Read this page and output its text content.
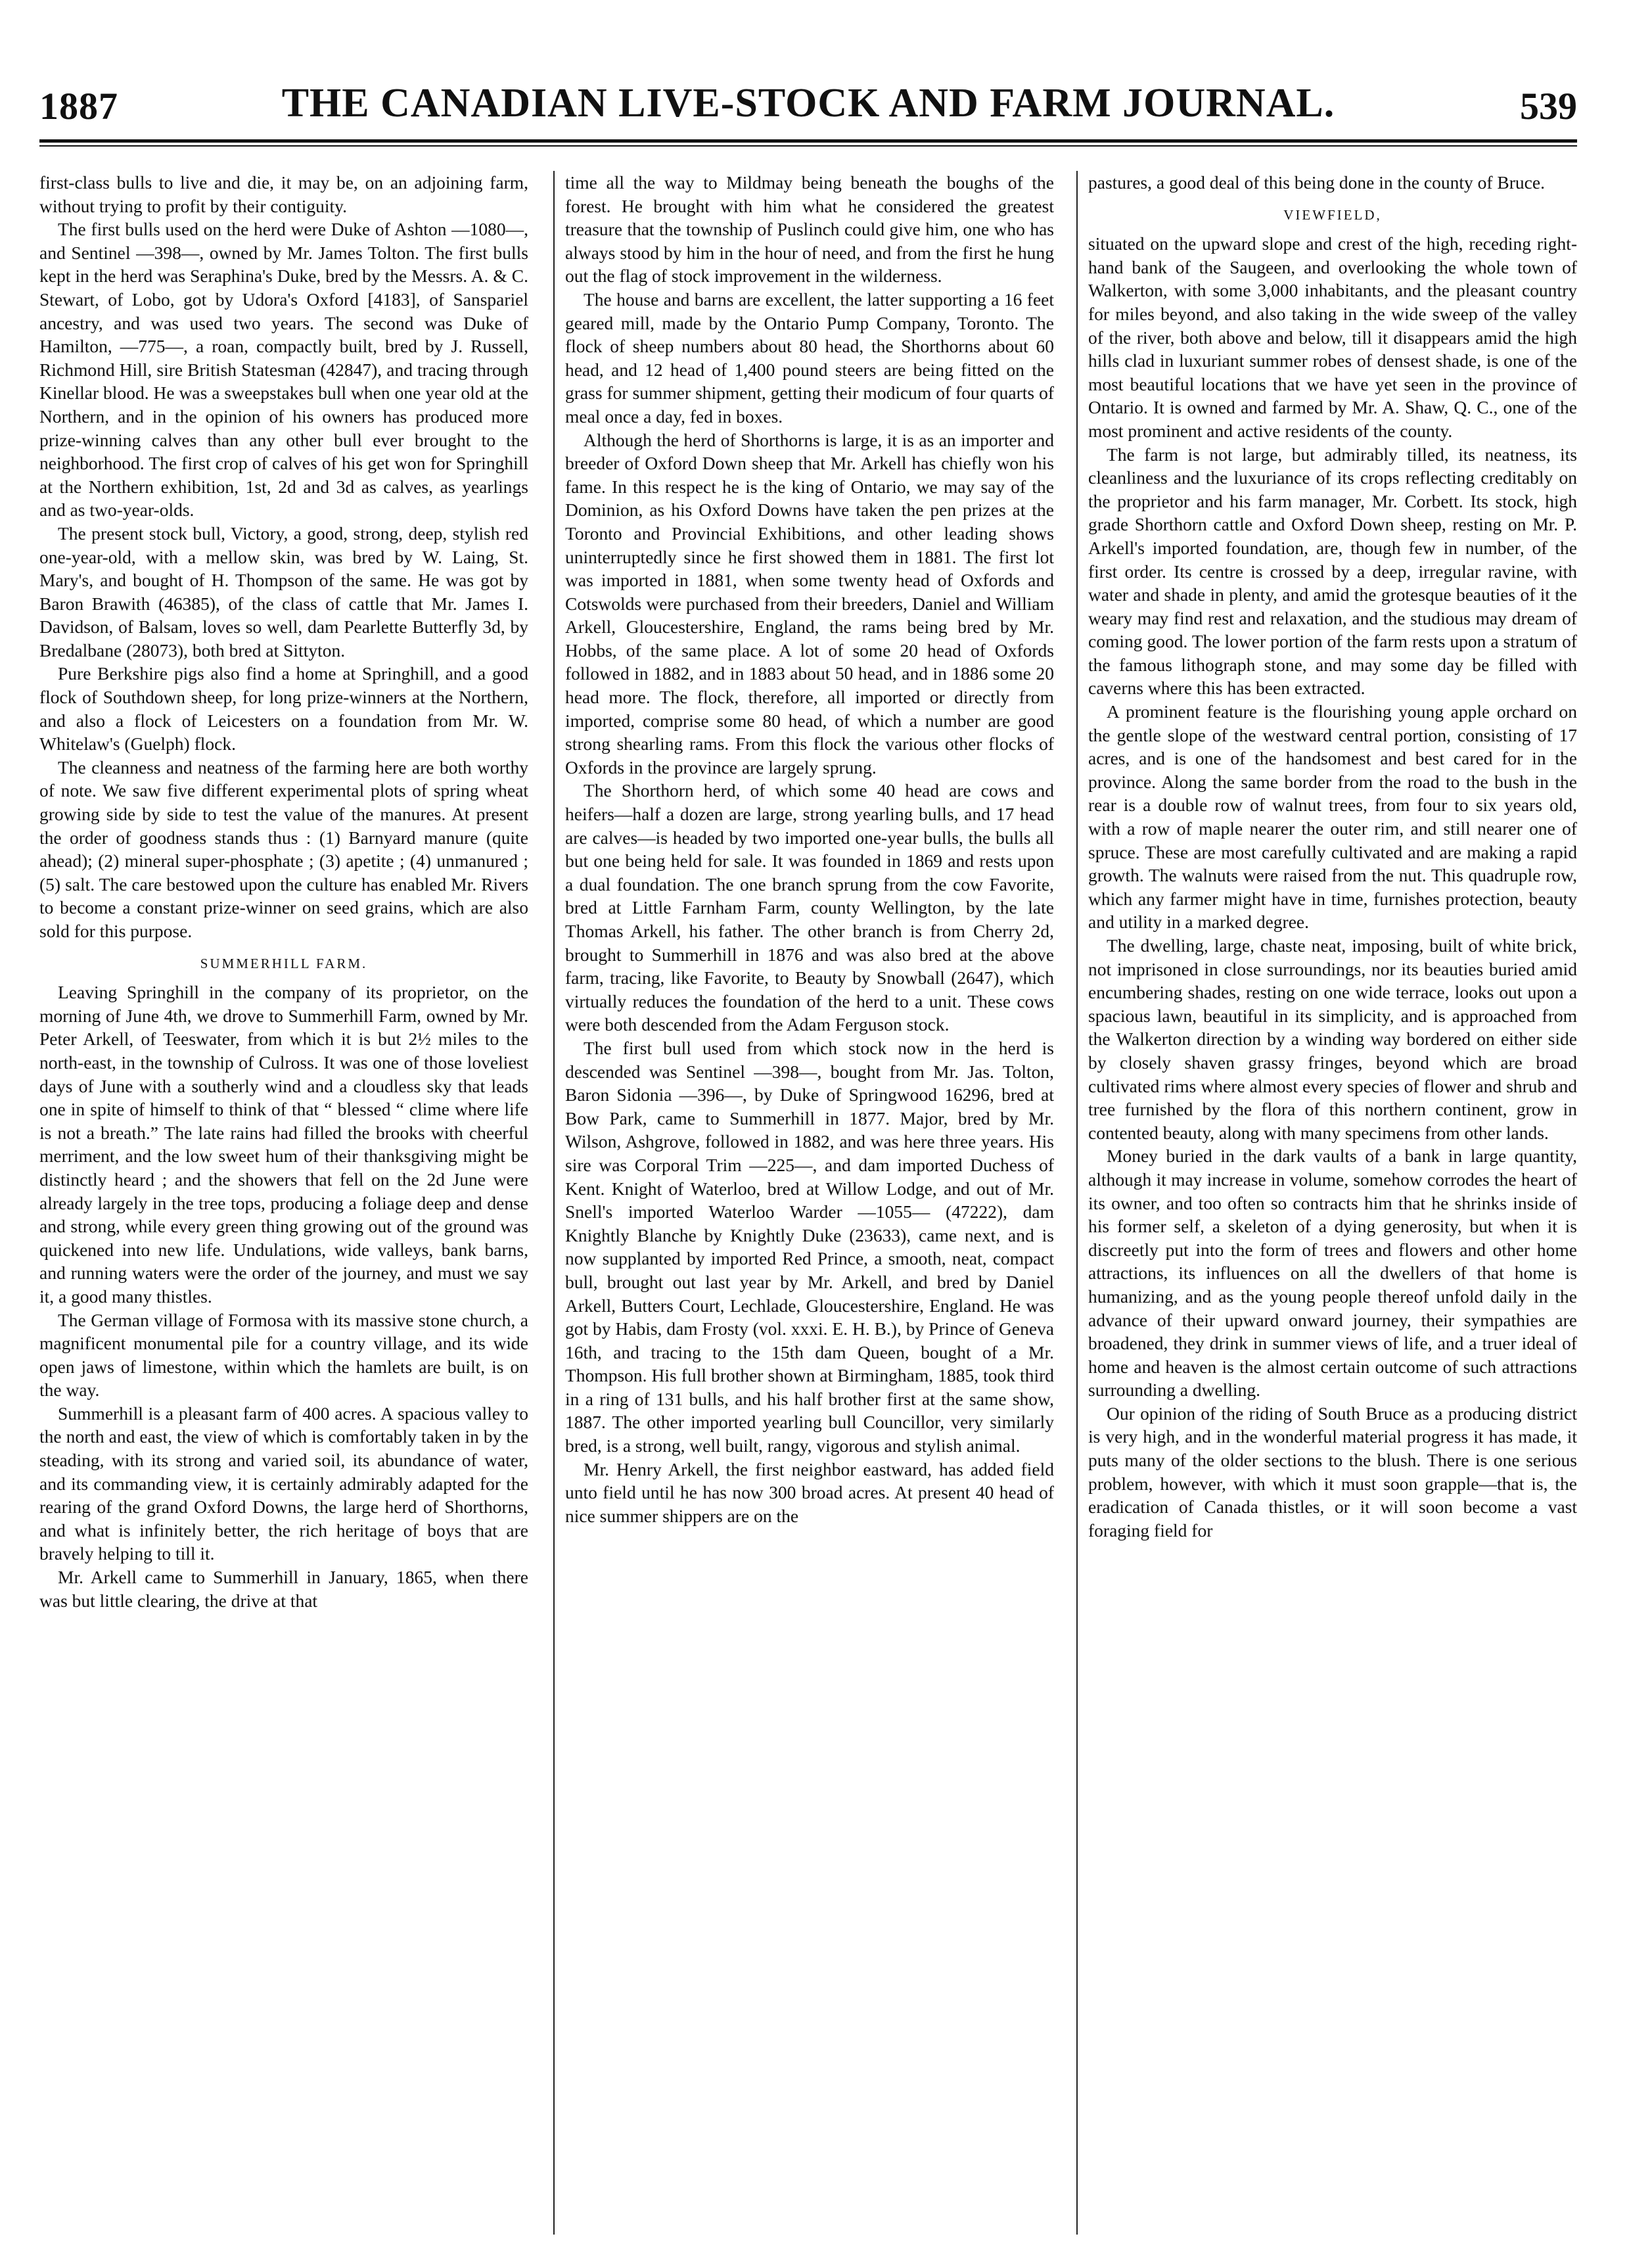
1887	THE CANADIAN LIVE-STOCK AND FARM JOURNAL.	539

first-class bulls to live and die, it may be, on an adjoining farm, without trying to profit by their contiguity.

The first bulls used on the herd were Duke of Ashton —1080—, and Sentinel —398—, owned by Mr. James Tolton. The first bulls kept in the herd was Seraphina's Duke, bred by the Messrs. A. & C. Stewart, of Lobo, got by Udora's Oxford [4183], of Sanspariel ancestry, and was used two years. The second was Duke of Hamilton, —775—, a roan, compactly built, bred by J. Russell, Richmond Hill, sire British Statesman (42847), and tracing through Kinellar blood. He was a sweepstakes bull when one year old at the Northern, and in the opinion of his owners has produced more prize-winning calves than any other bull ever brought to the neighborhood. The first crop of calves of his get won for Springhill at the Northern exhibition, 1st, 2d and 3d as calves, as yearlings and as two-year-olds.

The present stock bull, Victory, a good, strong, deep, stylish red one-year-old, with a mellow skin, was bred by W. Laing, St. Mary's, and bought of H. Thompson of the same. He was got by Baron Brawith (46385), of the class of cattle that Mr. James I. Davidson, of Balsam, loves so well, dam Pearlette Butterfly 3d, by Bredalbane (28073), both bred at Sittyton.

Pure Berkshire pigs also find a home at Springhill, and a good flock of Southdown sheep, for long prize-winners at the Northern, and also a flock of Leicesters on a foundation from Mr. W. Whitelaw's (Guelph) flock.

The cleanness and neatness of the farming here are both worthy of note. We saw five different experimental plots of spring wheat growing side by side to test the value of the manures. At present the order of goodness stands thus : (1) Barnyard manure (quite ahead); (2) mineral super-phosphate ; (3) apetite ; (4) unmanured ; (5) salt. The care bestowed upon the culture has enabled Mr. Rivers to become a constant prize-winner on seed grains, which are also sold for this purpose.

SUMMERHILL FARM.

Leaving Springhill in the company of its proprietor, on the morning of June 4th, we drove to Summerhill Farm, owned by Mr. Peter Arkell, of Teeswater, from which it is but 2½ miles to the north-east, in the township of Culross. It was one of those loveliest days of June with a southerly wind and a cloudless sky that leads one in spite of himself to think of that “ blessed “ clime where life is not a breath.” The late rains had filled the brooks with cheerful merriment, and the low sweet hum of their thanksgiving might be distinctly heard ; and the showers that fell on the 2d June were already largely in the tree tops, producing a foliage deep and dense and strong, while every green thing growing out of the ground was quickened into new life. Undulations, wide valleys, bank barns, and running waters were the order of the journey, and must we say it, a good many thistles.

The German village of Formosa with its massive stone church, a magnificent monumental pile for a country village, and its wide open jaws of limestone, within which the hamlets are built, is on the way.

Summerhill is a pleasant farm of 400 acres. A spacious valley to the north and east, the view of which is comfortably taken in by the steading, with its strong and varied soil, its abundance of water, and its commanding view, it is certainly admirably adapted for the rearing of the grand Oxford Downs, the large herd of Shorthorns, and what is infinitely better, the rich heritage of boys that are bravely helping to till it.

Mr. Arkell came to Summerhill in January, 1865, when there was but little clearing, the drive at that

time all the way to Mildmay being beneath the boughs of the forest. He brought with him what he considered the greatest treasure that the township of Puslinch could give him, one who has always stood by him in the hour of need, and from the first he hung out the flag of stock improvement in the wilderness.

The house and barns are excellent, the latter supporting a 16 feet geared mill, made by the Ontario Pump Company, Toronto. The flock of sheep numbers about 80 head, the Shorthorns about 60 head, and 12 head of 1,400 pound steers are being fitted on the grass for summer shipment, getting their modicum of four quarts of meal once a day, fed in boxes.

Although the herd of Shorthorns is large, it is as an importer and breeder of Oxford Down sheep that Mr. Arkell has chiefly won his fame. In this respect he is the king of Ontario, we may say of the Dominion, as his Oxford Downs have taken the pen prizes at the Toronto and Provincial Exhibitions, and other leading shows uninterruptedly since he first showed them in 1881. The first lot was imported in 1881, when some twenty head of Oxfords and Cotswolds were purchased from their breeders, Daniel and William Arkell, Gloucestershire, England, the rams being bred by Mr. Hobbs, of the same place. A lot of some 20 head of Oxfords followed in 1882, and in 1883 about 50 head, and in 1886 some 20 head more. The flock, therefore, all imported or directly from imported, comprise some 80 head, of which a number are good strong shearling rams. From this flock the various other flocks of Oxfords in the province are largely sprung.

The Shorthorn herd, of which some 40 head are cows and heifers—half a dozen are large, strong yearling bulls, and 17 head are calves—is headed by two imported one-year bulls, the bulls all but one being held for sale. It was founded in 1869 and rests upon a dual foundation. The one branch sprung from the cow Favorite, bred at Little Farnham Farm, county Wellington, by the late Thomas Arkell, his father. The other branch is from Cherry 2d, brought to Summerhill in 1876 and was also bred at the above farm, tracing, like Favorite, to Beauty by Snowball (2647), which virtually reduces the foundation of the herd to a unit. These cows were both descended from the Adam Ferguson stock.

The first bull used from which stock now in the herd is descended was Sentinel —398—, bought from Mr. Jas. Tolton, Baron Sidonia —396—, by Duke of Springwood 16296, bred at Bow Park, came to Summerhill in 1877. Major, bred by Mr. Wilson, Ashgrove, followed in 1882, and was here three years. His sire was Corporal Trim —225—, and dam imported Duchess of Kent. Knight of Waterloo, bred at Willow Lodge, and out of Mr. Snell's imported Waterloo Warder —1055— (47222), dam Knightly Blanche by Knightly Duke (23633), came next, and is now supplanted by imported Red Prince, a smooth, neat, compact bull, brought out last year by Mr. Arkell, and bred by Daniel Arkell, Butters Court, Lechlade, Gloucestershire, England. He was got by Habis, dam Frosty (vol. xxxi. E. H. B.), by Prince of Geneva 16th, and tracing to the 15th dam Queen, bought of a Mr. Thompson. His full brother shown at Birmingham, 1885, took third in a ring of 131 bulls, and his half brother first at the same show, 1887. The other imported yearling bull Councillor, very similarly bred, is a strong, well built, rangy, vigorous and stylish animal.

Mr. Henry Arkell, the first neighbor eastward, has added field unto field until he has now 300 broad acres. At present 40 head of nice summer shippers are on the

pastures, a good deal of this being done in the county of Bruce.

VIEWFIELD,

situated on the upward slope and crest of the high, receding right-hand bank of the Saugeen, and overlooking the whole town of Walkerton, with some 3,000 inhabitants, and the pleasant country for miles beyond, and also taking in the wide sweep of the valley of the river, both above and below, till it disappears amid the high hills clad in luxuriant summer robes of densest shade, is one of the most beautiful locations that we have yet seen in the province of Ontario. It is owned and farmed by Mr. A. Shaw, Q. C., one of the most prominent and active residents of the county.

The farm is not large, but admirably tilled, its neatness, its cleanliness and the luxuriance of its crops reflecting creditably on the proprietor and his farm manager, Mr. Corbett. Its stock, high grade Shorthorn cattle and Oxford Down sheep, resting on Mr. P. Arkell's imported foundation, are, though few in number, of the first order. Its centre is crossed by a deep, irregular ravine, with water and shade in plenty, and amid the grotesque beauties of it the weary may find rest and relaxation, and the studious may dream of coming good. The lower portion of the farm rests upon a stratum of the famous lithograph stone, and may some day be filled with caverns where this has been extracted.

A prominent feature is the flourishing young apple orchard on the gentle slope of the westward central portion, consisting of 17 acres, and is one of the handsomest and best cared for in the province. Along the same border from the road to the bush in the rear is a double row of walnut trees, from four to six years old, with a row of maple nearer the outer rim, and still nearer one of spruce. These are most carefully cultivated and are making a rapid growth. The walnuts were raised from the nut. This quadruple row, which any farmer might have in time, furnishes protection, beauty and utility in a marked degree.

The dwelling, large, chaste neat, imposing, built of white brick, not imprisoned in close surroundings, nor its beauties buried amid encumbering shades, resting on one wide terrace, looks out upon a spacious lawn, beautiful in its simplicity, and is approached from the Walkerton direction by a winding way bordered on either side by closely shaven grassy fringes, beyond which are broad cultivated rims where almost every species of flower and shrub and tree furnished by the flora of this northern continent, grow in contented beauty, along with many specimens from other lands.

Money buried in the dark vaults of a bank in large quantity, although it may increase in volume, somehow corrodes the heart of its owner, and too often so contracts him that he shrinks inside of his former self, a skeleton of a dying generosity, but when it is discreetly put into the form of trees and flowers and other home attractions, its influences on all the dwellers of that home is humanizing, and as the young people thereof unfold daily in the advance of their upward onward journey, their sympathies are broadened, they drink in summer views of life, and a truer ideal of home and heaven is the almost certain outcome of such attractions surrounding a dwelling.

Our opinion of the riding of South Bruce as a producing district is very high, and in the wonderful material progress it has made, it puts many of the older sections to the blush. There is one serious problem, however, with which it must soon grapple—that is, the eradication of Canada thistles, or it will soon become a vast foraging field for
